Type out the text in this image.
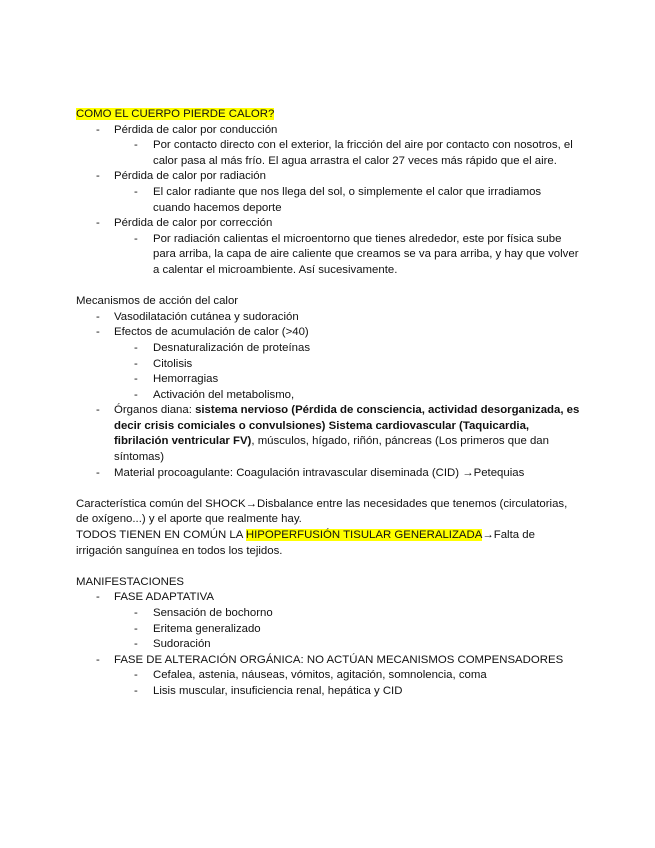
COMO EL CUERPO PIERDE CALOR?

- Pérdida de calor por conducción
- Por contacto directo con el exterior, la fricción del aire por contacto con nosotros, el calor pasa al más frío. El agua arrastra el calor 27 veces más rápido que el aire.
- Pérdida de calor por radiación
- El calor radiante que nos llega del sol, o simplemente el calor que irradiamos cuando hacemos deporte
- Pérdida de calor por corrección
- Por radiación calientas el microentorno que tienes alrededor, este por física sube para arriba, la capa de aire caliente que creamos se va para arriba, y hay que volver a calentar el microambiente. Así sucesivamente.

Mecanismos de acción del calor

- Vasodilatación cutánea y sudoración
- Efectos de acumulación de calor (>40)
- Desnaturalización de proteínas
- Citolisis
- Hemorragias
- Activación del metabolismo,
- Órganos diana: sistema nervioso (Pérdida de consciencia, actividad desorganizada, es decir crisis comiciales o convulsiones) Sistema cardiovascular (Taquicardia, fibrilación ventricular FV), músculos, hígado, riñón, páncreas (Los primeros que dan síntomas)
- Material procoagulante: Coagulación intravascular diseminada (CID) →Petequias

Característica común del SHOCK→Disbalance entre las necesidades que tenemos (circulatorias, de oxígeno...) y el aporte que realmente hay.

TODOS TIENEN EN COMÚN LA HIPOPERFUSIÓN TISULAR GENERALIZADA→Falta de irrigación sanguínea en todos los tejidos.

MANIFESTACIONES

- FASE ADAPTATIVA
- Sensación de bochorno
- Eritema generalizado
- Sudoración
- FASE DE ALTERACIÓN ORGÁNICA: NO ACTÚAN MECANISMOS COMPENSADORES
- Cefalea, astenia, náuseas, vómitos, agitación, somnolencia, coma
- Lisis muscular, insuficiencia renal, hepática y CID
